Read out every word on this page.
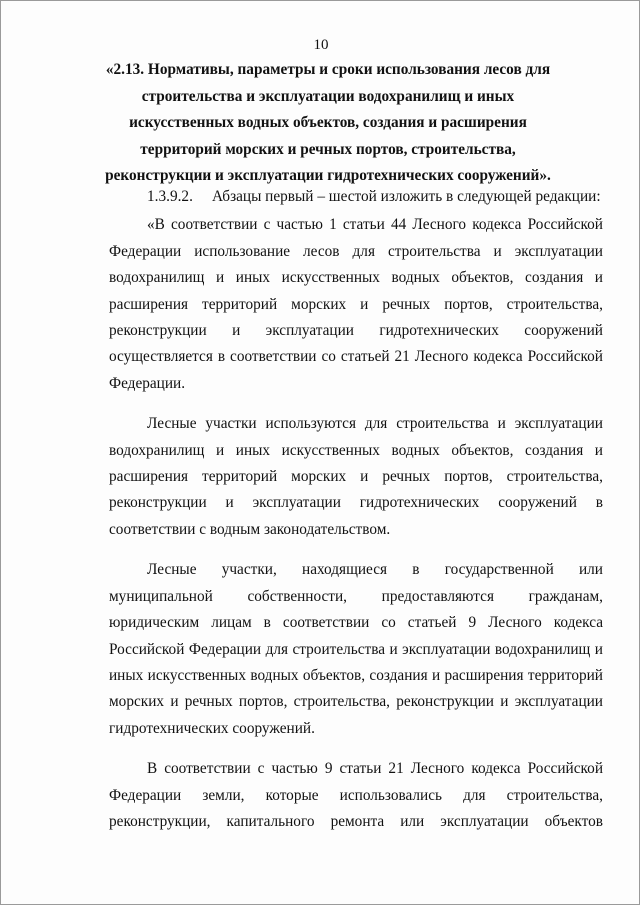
10
«2.13. Нормативы, параметры и сроки использования лесов для строительства и эксплуатации водохранилищ и иных искусственных водных объектов, создания и расширения территорий морских и речных портов, строительства, реконструкции и эксплуатации гидротехнических сооружений».

1.3.9.2.     Абзацы первый – шестой изложить в следующей редакции:

«В соответствии с частью 1 статьи 44 Лесного кодекса Российской Федерации использование лесов для строительства и эксплуатации водохранилищ и иных искусственных водных объектов, создания и расширения территорий морских и речных портов, строительства, реконструкции и эксплуатации гидротехнических сооружений осуществляется в соответствии со статьей 21 Лесного кодекса Российской Федерации.

Лесные участки используются для строительства и эксплуатации водохранилищ и иных искусственных водных объектов, создания и расширения территорий морских и речных портов, строительства, реконструкции и эксплуатации гидротехнических сооружений в соответствии с водным законодательством.

Лесные участки, находящиеся в государственной или муниципальной собственности, предоставляются гражданам, юридическим лицам в соответствии со статьей 9 Лесного кодекса Российской Федерации для строительства и эксплуатации водохранилищ и иных искусственных водных объектов, создания и расширения территорий морских и речных портов, строительства, реконструкции и эксплуатации гидротехнических сооружений.

В соответствии с частью 9 статьи 21 Лесного кодекса Российской Федерации земли, которые использовались для строительства, реконструкции, капитального ремонта или эксплуатации объектов
